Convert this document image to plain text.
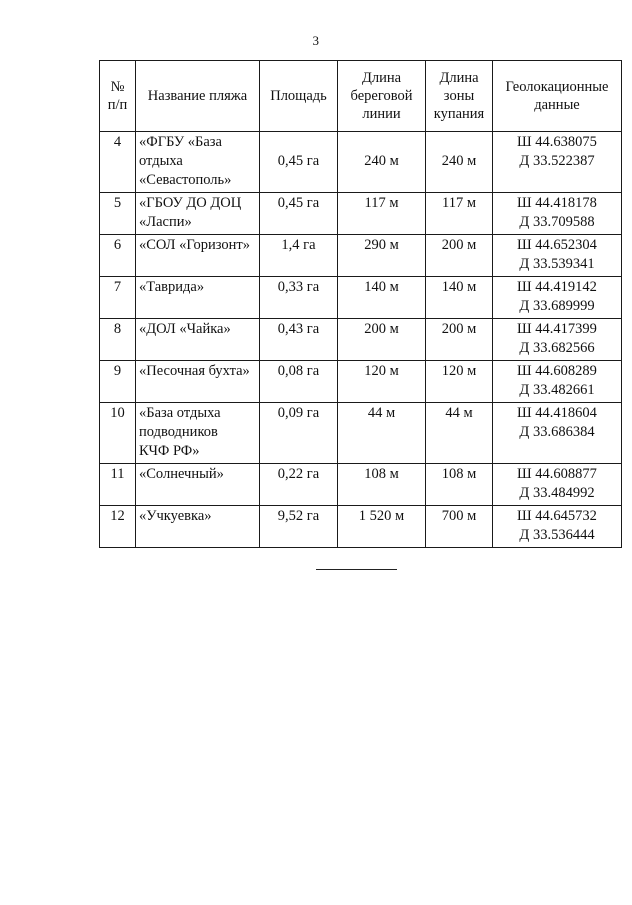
3
№
п/п	Название пляжа	Площадь	Длина
береговой
линии	Длина
зоны
купания	Геолокационные
данные

4	«ФГБУ «База
отдыха
«Севастополь»	0,45 га	240 м	240 м	Ш 44.638075
Д 33.522387

5	«ГБОУ ДО ДОЦ
«Ласпи»	0,45 га	117 м	117 м	Ш 44.418178
Д 33.709588

6	«СОЛ «Горизонт»	1,4 га	290 м	200 м	Ш 44.652304
Д 33.539341

7	«Таврида»	0,33 га	140 м	140 м	Ш 44.419142
Д 33.689999

8	«ДОЛ «Чайка»	0,43 га	200 м	200 м	Ш 44.417399
Д 33.682566

9	«Песочная бухта»	0,08 га	120 м	120 м	Ш 44.608289
Д 33.482661

10	«База отдыха
подводников
КЧФ РФ»	0,09 га	44 м	44 м	Ш 44.418604
Д 33.686384

11	«Солнечный»	0,22 га	108 м	108 м	Ш 44.608877
Д 33.484992

12	«Учкуевка»	9,52 га	1 520 м	700 м	Ш 44.645732
Д 33.536444
